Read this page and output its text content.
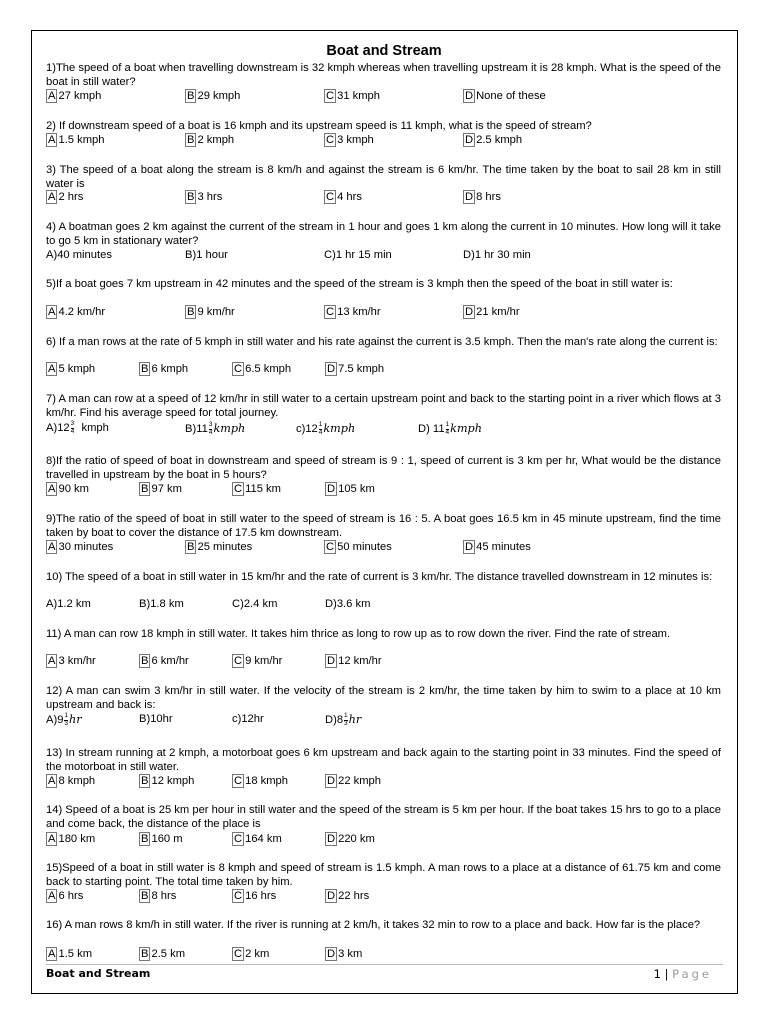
Boat and Stream
1)The speed of a boat when travelling downstream is 32 kmph whereas when travelling upstream it is 28 kmph. What is the speed of the boat in still water?
A 27 kmph	B 29 kmph	C 31 kmph	D None of these
2) If downstream speed of a boat is 16 kmph and its upstream speed is 11 kmph, what is the speed of stream?
A 1.5 kmph	B 2 kmph	C 3 kmph	D 2.5 kmph
3) The speed of a boat along the stream is 8 km/h and against the stream is 6 km/hr. The time taken by the boat to sail 28 km in still water is
A 2 hrs	B 3 hrs	C 4 hrs	D 8 hrs
4) A boatman goes 2 km against the current of the stream in 1 hour and goes 1 km along the current in 10 minutes. How long will it take to go 5 km in stationary water?
A)40 minutes	B)1 hour	C)1 hr 15 min	D)1 hr 30 min
5)If a boat goes 7 km upstream in 42 minutes and the speed of the stream is 3 kmph then the speed of the boat in still water is:
A 4.2 km/hr	B 9 km/hr	C 13 km/hr	D 21 km/hr
6) If a man rows at the rate of 5 kmph in still water and his rate against the current is 3.5 kmph. Then the man's rate along the current is:
A 5 kmph	B 6 kmph	C 6.5 kmph	D 7.5 kmph
7) A man can row at a speed of 12 km/hr in still water to a certain upstream point and back to the starting point in a river which flows at 3 km/hr. Find his average speed for total journey.
$A)12 \frac{3}{4}$ kmph	$B)11 \frac{3}{4}$ kmph	$c)12 \frac{1}{4}$ kmph	D) $11 \frac{1}{4}$ kmph
8)If the ratio of speed of boat in downstream and speed of stream is 9 : 1, speed of current is 3 km per hr, What would be the distance travelled in upstream by the boat in 5 hours?
A 90 km	B 97 km	C 115 km	D 105 km
9)The ratio of the speed of boat in still water to the speed of stream is 16 : 5. A boat goes 16.5 km in 45 minute upstream, find the time taken by boat to cover the distance of 17.5 km downstream.
A 30 minutes	B 25 minutes	C 50 minutes	D 45 minutes
10) The speed of a boat in still water in 15 km/hr and the rate of current is 3 km/hr. The distance travelled downstream in 12 minutes is:
A)1.2 km	B)1.8 km	C)2.4 km	D)3.6 km
11) A man can row 18 kmph in still water. It takes him thrice as long to row up as to row down the river. Find the rate of stream.
A 3 km/hr	B 6 km/hr	C 9 km/hr	D 12 km/hr
12) A man can swim 3 km/hr in still water. If the velocity of the stream is 2 km/hr, the time taken by him to swim to a place at 10 km upstream and back is:
$A)9 \frac{1}{3}$ hr	B)10hr	c)12hr	$D)8 \frac{1}{3}$ hr
13) In stream running at 2 kmph, a motorboat goes 6 km upstream and back again to the starting point in 33 minutes. Find the speed of the motorboat in still water.
A 8 kmph	B 12 kmph	C 18 kmph	D 22 kmph
14) Speed of a boat is 25 km per hour in still water and the speed of the stream is 5 km per hour. If the boat takes 15 hrs to go to a place and come back, the distance of the place is
A 180 km	B 160 m	C 164 km	D 220 km
15)Speed of a boat in still water is 8 kmph and speed of stream is 1.5 kmph. A man rows to a place at a distance of 61.75 km and come back to starting point. The total time taken by him.
A 6 hrs	B 8 hrs	C 16 hrs	D 22 hrs
16) A man rows 8 km/h in still water. If the river is running at 2 km/h, it takes 32 min to row to a place and back. How far is the place?
A 1.5 km	B 2.5 km	C 2 km	D 3 km
Boat and Stream	1 | Page
